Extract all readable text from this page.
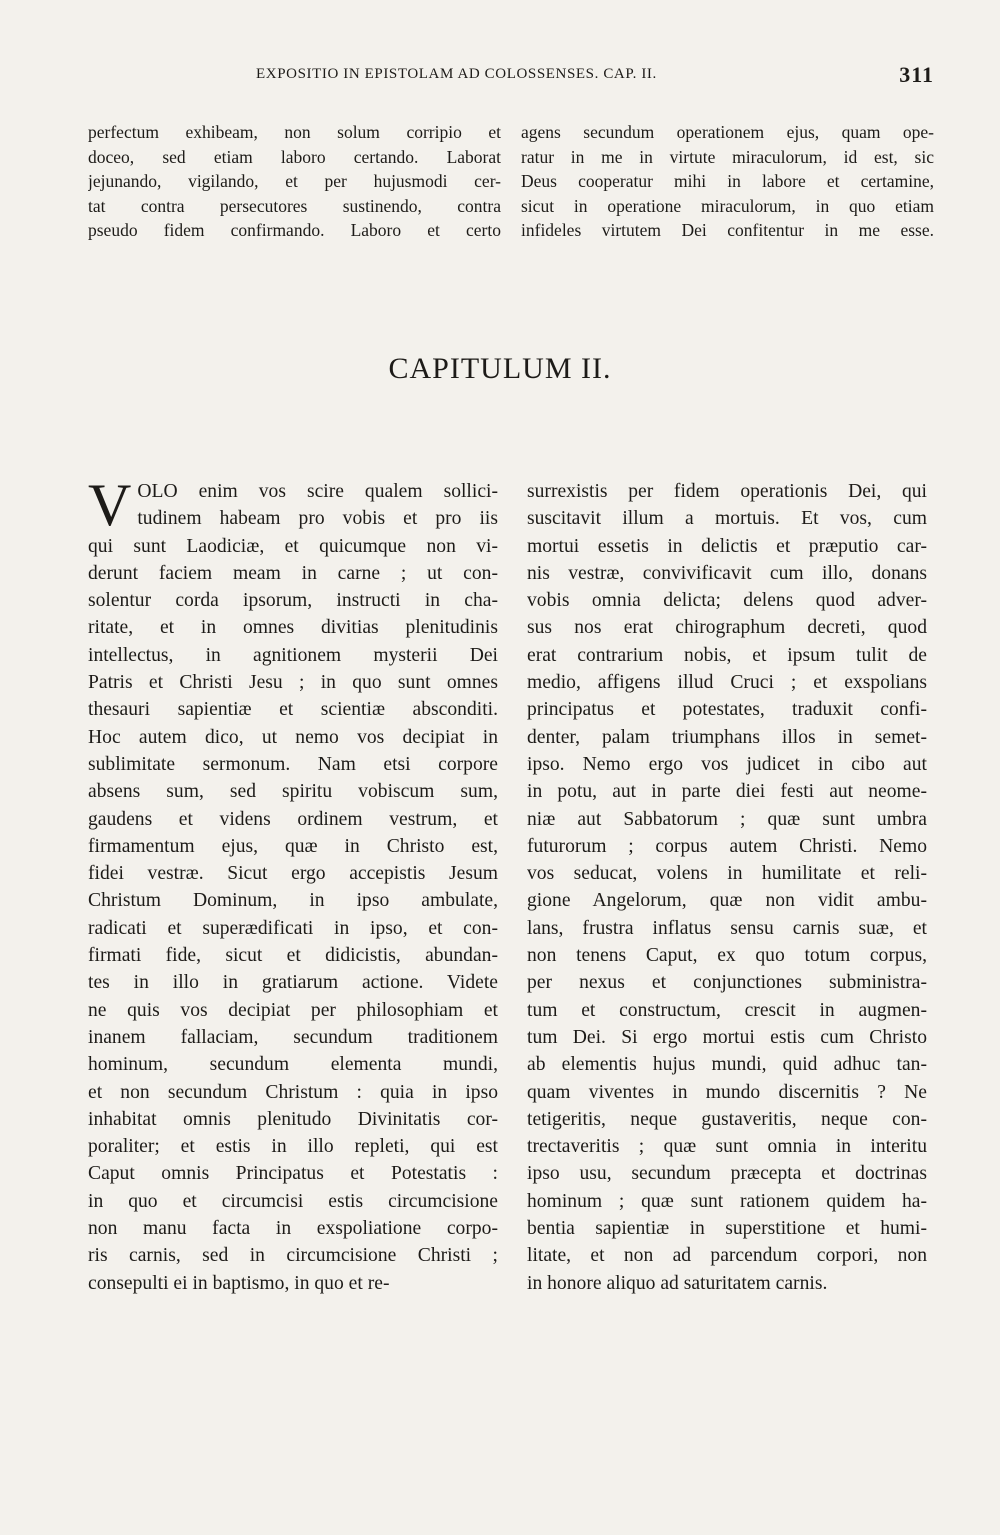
EXPOSITIO IN EPISTOLAM AD COLOSSENSES. CAP. II.	311
perfectum exhibeam, non solum corripio et
doceo, sed etiam laboro certando. Laborat
jejunando, vigilando, et per hujusmodi cer-
tat contra persecutores sustinendo, contra
pseudo fidem confirmando. Laboro et certo
agens secundum operationem ejus, quam ope-
ratur in me in virtute miraculorum, id est, sic
Deus cooperatur mihi in labore et certamine,
sicut in operatione miraculorum, in quo etiam
infideles virtutem Dei confitentur in me esse.
CAPITULUM II.
V OLO enim vos scire qualem sollici-
tudinem habeam pro vobis et pro iis
qui sunt Laodiciæ, et quicumque non vi-
derunt faciem meam in carne ; ut con-
solentur corda ipsorum, instructi in cha-
ritate, et in omnes divitias plenitudinis
intellectus, in agnitionem mysterii Dei
Patris et Christi Jesu ; in quo sunt omnes
thesauri sapientiæ et scientiæ absconditi.
Hoc autem dico, ut nemo vos decipiat in
sublimitate sermonum. Nam etsi corpore
absens sum, sed spiritu vobiscum sum,
gaudens et videns ordinem vestrum, et
firmamentum ejus, quæ in Christo est,
fidei vestræ. Sicut ergo accepistis Jesum
Christum Dominum, in ipso ambulate,
radicati et superædificati in ipso, et con-
firmati fide, sicut et didicistis, abundan-
tes in illo in gratiarum actione. Videte
ne quis vos decipiat per philosophiam et
inanem fallaciam, secundum traditionem
hominum, secundum elementa mundi,
et non secundum Christum : quia in ipso
inhabitat omnis plenitudo Divinitatis cor-
poraliter; et estis in illo repleti, qui est
Caput omnis Principatus et Potestatis :
in quo et circumcisi estis circumcisione
non manu facta in exspoliatione corpo-
ris carnis, sed in circumcisione Christi ;
consepulti ei in baptismo, in quo et re-
surrexistis per fidem operationis Dei, qui
suscitavit illum a mortuis. Et vos, cum
mortui essetis in delictis et præputio car-
nis vestræ, convivificavit cum illo, donans
vobis omnia delicta; delens quod adver-
sus nos erat chirographum decreti, quod
erat contrarium nobis, et ipsum tulit de
medio, affigens illud Cruci ; et exspolians
principatus et potestates, traduxit confi-
denter, palam triumphans illos in semet-
ipso. Nemo ergo vos judicet in cibo aut
in potu, aut in parte diei festi aut neome-
niæ aut Sabbatorum ; quæ sunt umbra
futurorum ; corpus autem Christi. Nemo
vos seducat, volens in humilitate et reli-
gione Angelorum, quæ non vidit ambu-
lans, frustra inflatus sensu carnis suæ, et
non tenens Caput, ex quo totum corpus,
per nexus et conjunctiones subministra-
tum et constructum, crescit in augmen-
tum Dei. Si ergo mortui estis cum Christo
ab elementis hujus mundi, quid adhuc tan-
quam viventes in mundo discernitis ? Ne
tetigeritis, neque gustaveritis, neque con-
trectaveritis ; quæ sunt omnia in interitu
ipso usu, secundum præcepta et doctrinas
hominum ; quæ sunt rationem quidem ha-
bentia sapientiæ in superstitione et humi-
litate, et non ad parcendum corpori, non
in honore aliquo ad saturitatem carnis.
